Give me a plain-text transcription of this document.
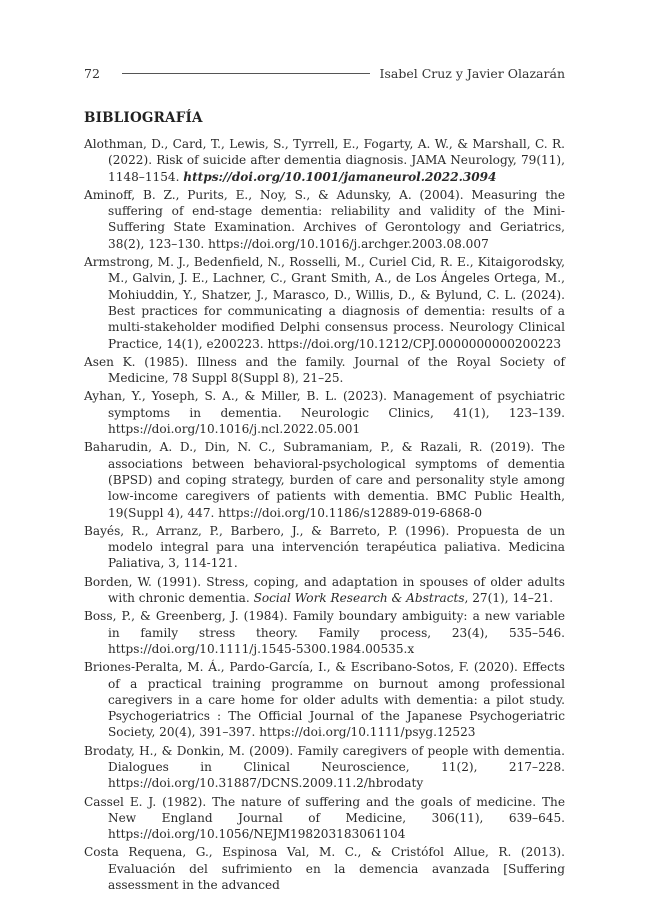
72	Isabel Cruz y Javier Olazarán
BIBLIOGRAFÍA
Alothman, D., Card, T., Lewis, S., Tyrrell, E., Fogarty, A. W., & Marshall, C. R. (2022). Risk of suicide after dementia diagnosis. JAMA Neurology, 79(11), 1148–1154. https://doi.org/10.1001/jamaneurol.2022.3094
Aminoff, B. Z., Purits, E., Noy, S., & Adunsky, A. (2004). Measuring the suffering of end-stage dementia: reliability and validity of the Mini-Suffering State Examination. Archives of Gerontology and Geriatrics, 38(2), 123–130. https://doi.org/10.1016/j.archger.2003.08.007
Armstrong, M. J., Bedenfield, N., Rosselli, M., Curiel Cid, R. E., Kitaigorodsky, M., Galvin, J. E., Lachner, C., Grant Smith, A., de Los Ángeles Ortega, M., Mohiuddin, Y., Shatzer, J., Marasco, D., Willis, D., & Bylund, C. L. (2024). Best practices for communicating a diagnosis of dementia: results of a multi-stakeholder modified Delphi consensus process. Neurology Clinical Practice, 14(1), e200223. https://doi.org/10.1212/CPJ.0000000000200223
Asen K. (1985). Illness and the family. Journal of the Royal Society of Medicine, 78 Suppl 8(Suppl 8), 21–25.
Ayhan, Y., Yoseph, S. A., & Miller, B. L. (2023). Management of psychiatric symptoms in dementia. Neurologic Clinics, 41(1), 123–139. https://doi.org/10.1016/j.ncl.2022.05.001
Baharudin, A. D., Din, N. C., Subramaniam, P., & Razali, R. (2019). The associations between behavioral-psychological symptoms of dementia (BPSD) and coping strategy, burden of care and personality style among low-income caregivers of patients with dementia. BMC Public Health, 19(Suppl 4), 447. https://doi.org/10.1186/s12889-019-6868-0
Bayés, R., Arranz, P., Barbero, J., & Barreto, P. (1996). Propuesta de un modelo integral para una intervención terapéutica paliativa. Medicina Paliativa, 3, 114-121.
Borden, W. (1991). Stress, coping, and adaptation in spouses of older adults with chronic dementia. Social Work Research & Abstracts, 27(1), 14–21.
Boss, P., & Greenberg, J. (1984). Family boundary ambiguity: a new variable in family stress theory. Family process, 23(4), 535–546. https://doi.org/10.1111/j.1545-5300.1984.00535.x
Briones-Peralta, M. Á., Pardo-García, I., & Escribano-Sotos, F. (2020). Effects of a practical training programme on burnout among professional caregivers in a care home for older adults with dementia: a pilot study. Psychogeriatrics : The Official Journal of the Japanese Psychogeriatric Society, 20(4), 391–397. https://doi.org/10.1111/psyg.12523
Brodaty, H., & Donkin, M. (2009). Family caregivers of people with dementia. Dialogues in Clinical Neuroscience, 11(2), 217–228. https://doi.org/10.31887/DCNS.2009.11.2/hbrodaty
Cassel E. J. (1982). The nature of suffering and the goals of medicine. The New England Journal of Medicine, 306(11), 639–645. https://doi.org/10.1056/NEJM198203183061104
Costa Requena, G., Espinosa Val, M. C., & Cristófol Allue, R. (2013). Evaluación del sufrimiento en la demencia avanzada [Suffering assessment in the advanced
